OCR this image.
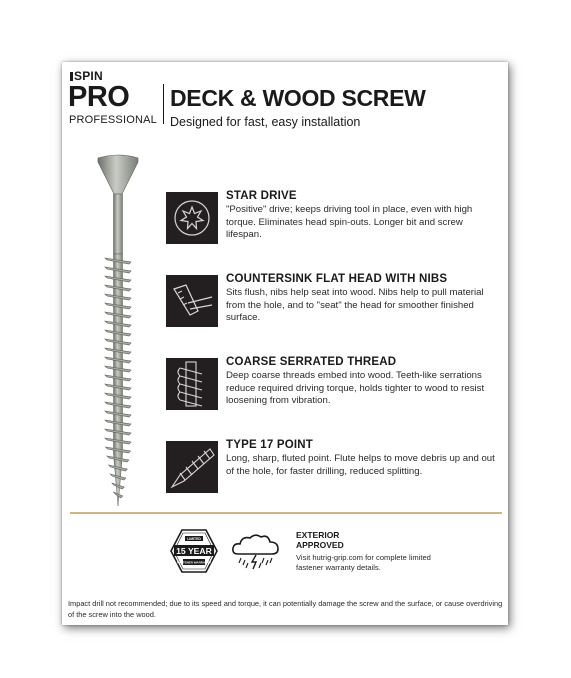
SPIN
PRO
PROFESSIONAL
DECK & WOOD SCREW
Designed for fast, easy installation
STAR DRIVE
"Positive" drive; keeps driving tool in place, even with high torque. Eliminates head spin-outs. Longer bit and screw lifespan.
COUNTERSINK FLAT HEAD WITH NIBS
Sits flush, nibs help seat into wood. Nibs help to pull material from the hole, and to "seat" the head for smoother finished surface.
COARSE SERRATED THREAD
Deep coarse threads embed into wood. Teeth-like serrations reduce required driving torque, holds tighter to wood to resist loosening from vibration.
TYPE 17 POINT
Long, sharp, fluted point. Flute helps to move debris up and out of the hole, for faster drilling, reduced splitting.
LIMITED
15 YEAR
FASTENER WARRANTY
EXTERIOR APPROVED
Visit hutrig-grip.com for complete limited fastener warranty details.
Impact drill not recommended; due to its speed and torque, it can potentially damage the screw and the surface, or cause overdriving of the screw into the wood.
